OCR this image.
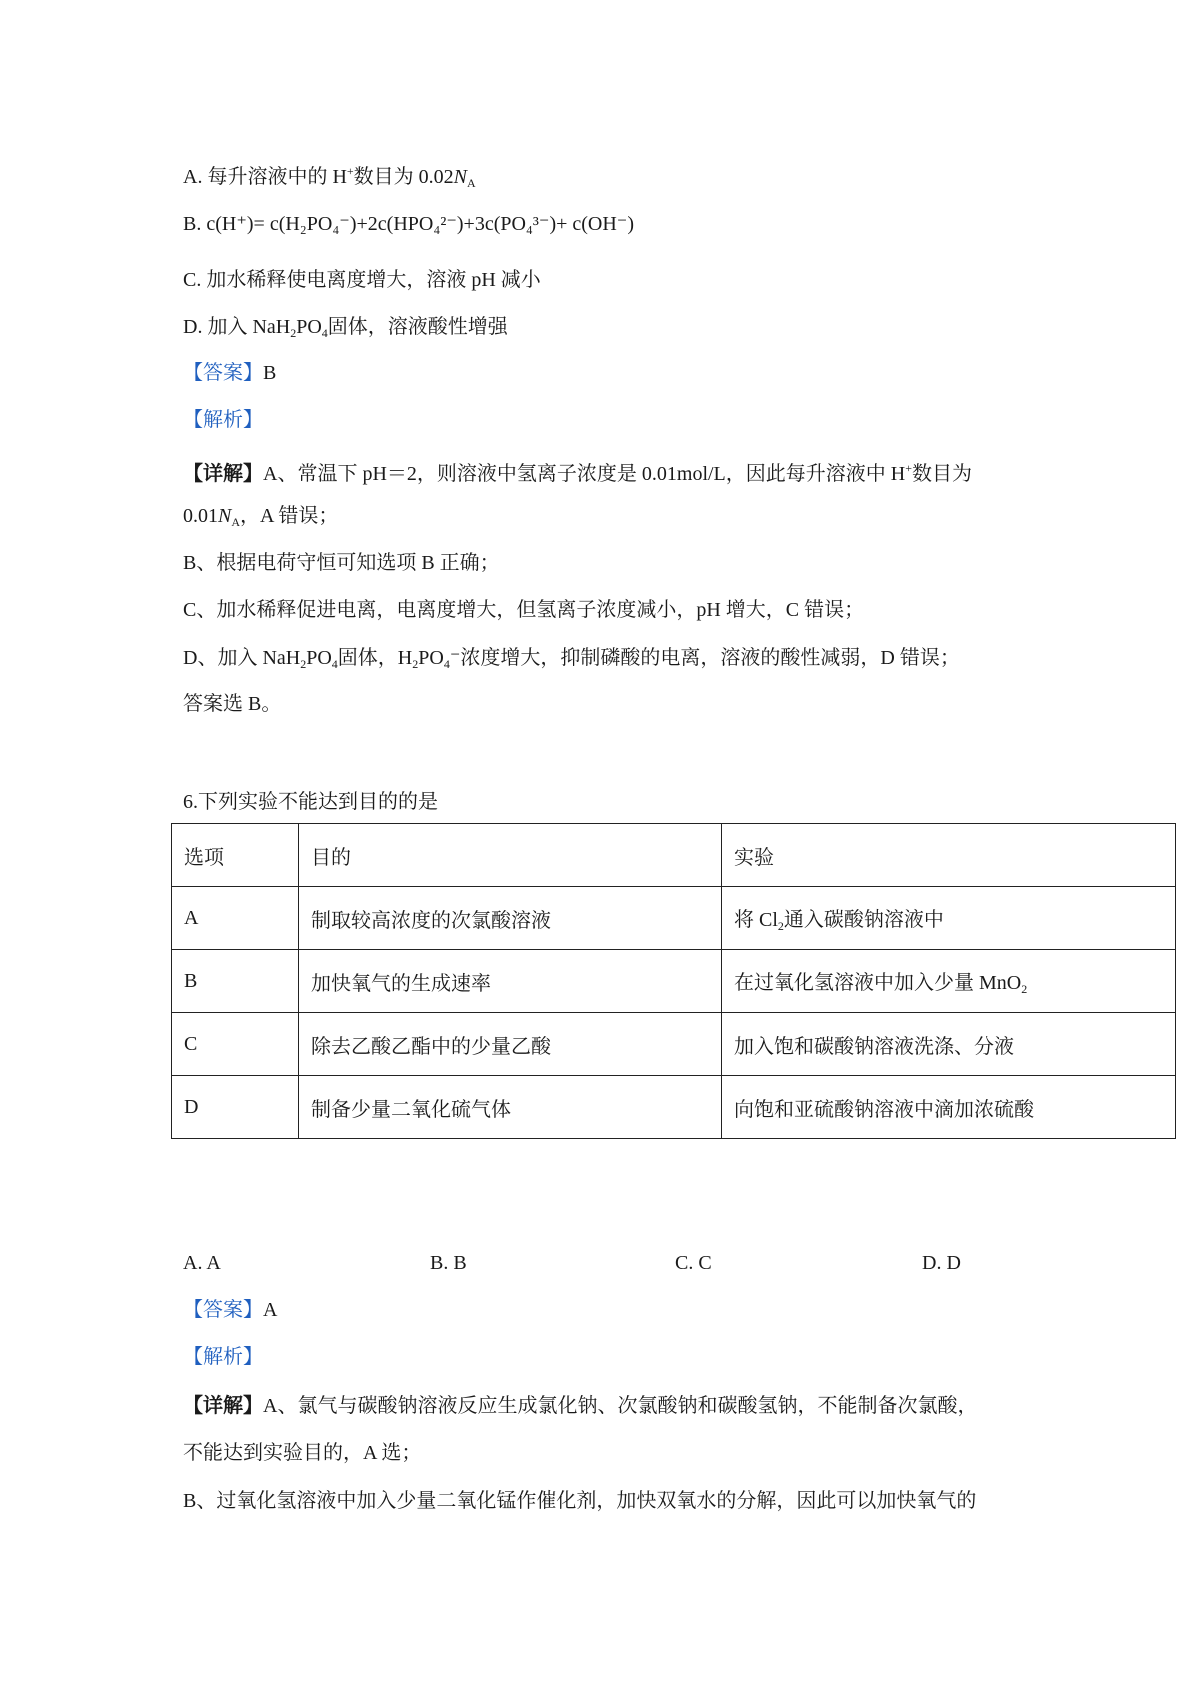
A. 每升溶液中的 H+数目为 $0.02N_A$
B. c(H⁺)= c(H₂PO₄⁻)+2c(HPO₄²⁻)+3c(PO₄³⁻)+ c(OH⁻)
C. 加水稀释使电离度增大，溶液 pH 减小
D. 加入 $NaH_2PO_4$固体，溶液酸性增强
【答案】B
【解析】
【详解】A、常温下 pH＝2，则溶液中氢离子浓度是 0.01mol/L，因此每升溶液中 H+数目为
$0.01N_A$，A 错误；
B、根据电荷守恒可知选项 B 正确；
C、加水稀释促进电离，电离度增大，但氢离子浓度减小，pH 增大，C 错误；
D、加入 $NaH_2PO_4$固体，$H_2PO_4^-$浓度增大，抑制磷酸的电离，溶液的酸性减弱，D 错误；
答案选 B。
6.下列实验不能达到目的的是
选项	目的	实验
A	制取较高浓度的次氯酸溶液	将 $Cl_2$通入碳酸钠溶液中
B	加快氧气的生成速率	在过氧化氢溶液中加入少量 MnO$_2$
C	除去乙酸乙酯中的少量乙酸	加入饱和碳酸钠溶液洗涤、分液
D	制备少量二氧化硫气体	向饱和亚硫酸钠溶液中滴加浓硫酸
A. A	B. B	C. C	D. D
【答案】A
【解析】
【详解】A、氯气与碳酸钠溶液反应生成氯化钠、次氯酸钠和碳酸氢钠，不能制备次氯酸，
不能达到实验目的，A 选；
B、过氧化氢溶液中加入少量二氧化锰作催化剂，加快双氧水的分解，因此可以加快氧气的
